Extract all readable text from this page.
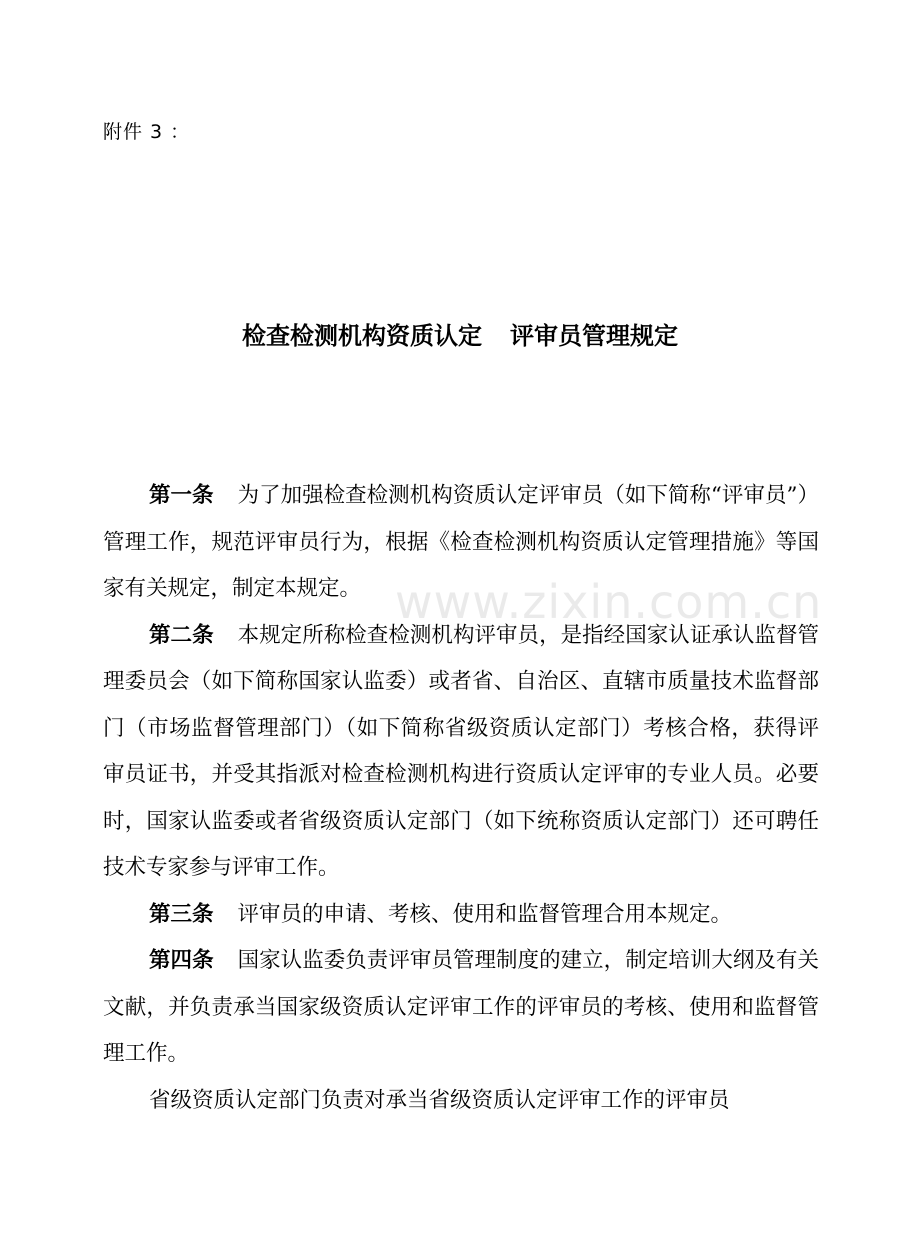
附件 3 ：
检查检测机构资质认定 评审员管理规定

第一条 为了加强检查检测机构资质认定评审员（如下简称“评审员”）管理工作，规范评审员行为，根据《检查检测机构资质认定管理措施》等国家有关规定，制定本规定。

第二条 本规定所称检查检测机构评审员，是指经国家认证承认监督管理委员会（如下简称国家认监委）或者省、自治区、直辖市质量技术监督部门（市场监督管理部门）（如下简称省级资质认定部门）考核合格，获得评审员证书，并受其指派对检查检测机构进行资质认定评审的专业人员。必要时，国家认监委或者省级资质认定部门（如下统称资质认定部门）还可聘任技术专家参与评审工作。

第三条 评审员的申请、考核、使用和监督管理合用本规定。

第四条 国家认监委负责评审员管理制度的建立，制定培训大纲及有关文献，并负责承当国家级资质认定评审工作的评审员的考核、使用和监督管理工作。

省级资质认定部门负责对承当省级资质认定评审工作的评审员

www.zixin.com.cn
